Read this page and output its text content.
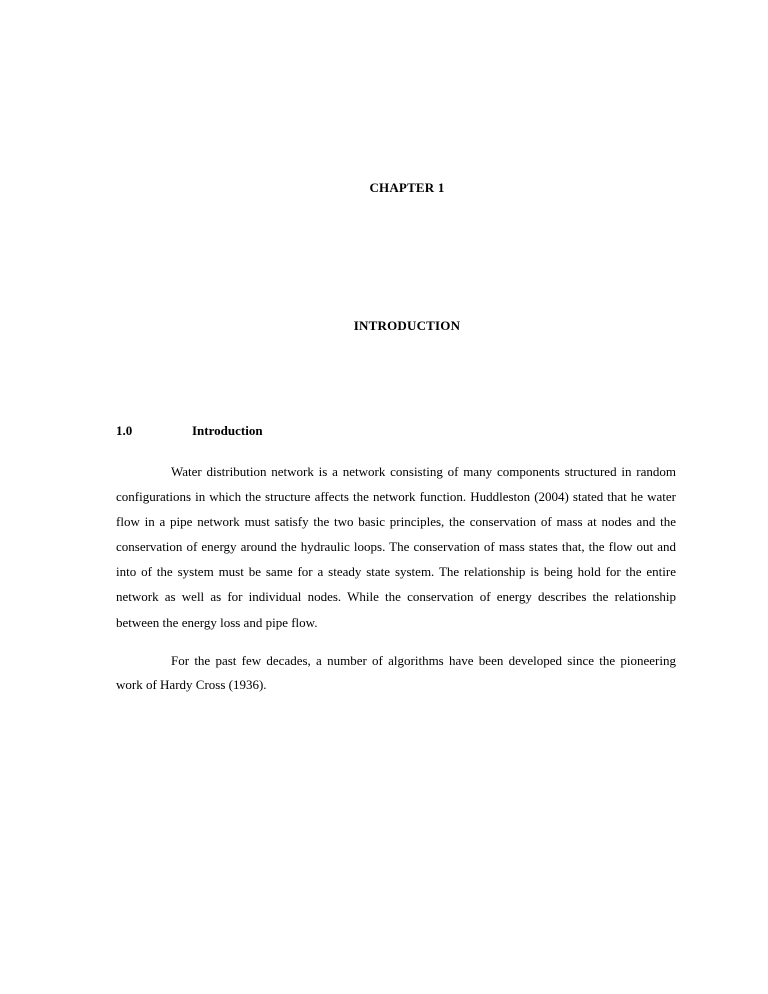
CHAPTER 1
INTRODUCTION
1.0	Introduction

Water distribution network is a network consisting of many components structured in random configurations in which the structure affects the network function. Huddleston (2004) stated that he water flow in a pipe network must satisfy the two basic principles, the conservation of mass at nodes and the conservation of energy around the hydraulic loops. The conservation of mass states that, the flow out and into of the system must be same for a steady state system. The relationship is being hold for the entire network as well as for individual nodes. While the conservation of energy describes the relationship between the energy loss and pipe flow.

For the past few decades, a number of algorithms have been developed since the pioneering work of Hardy Cross (1936).
